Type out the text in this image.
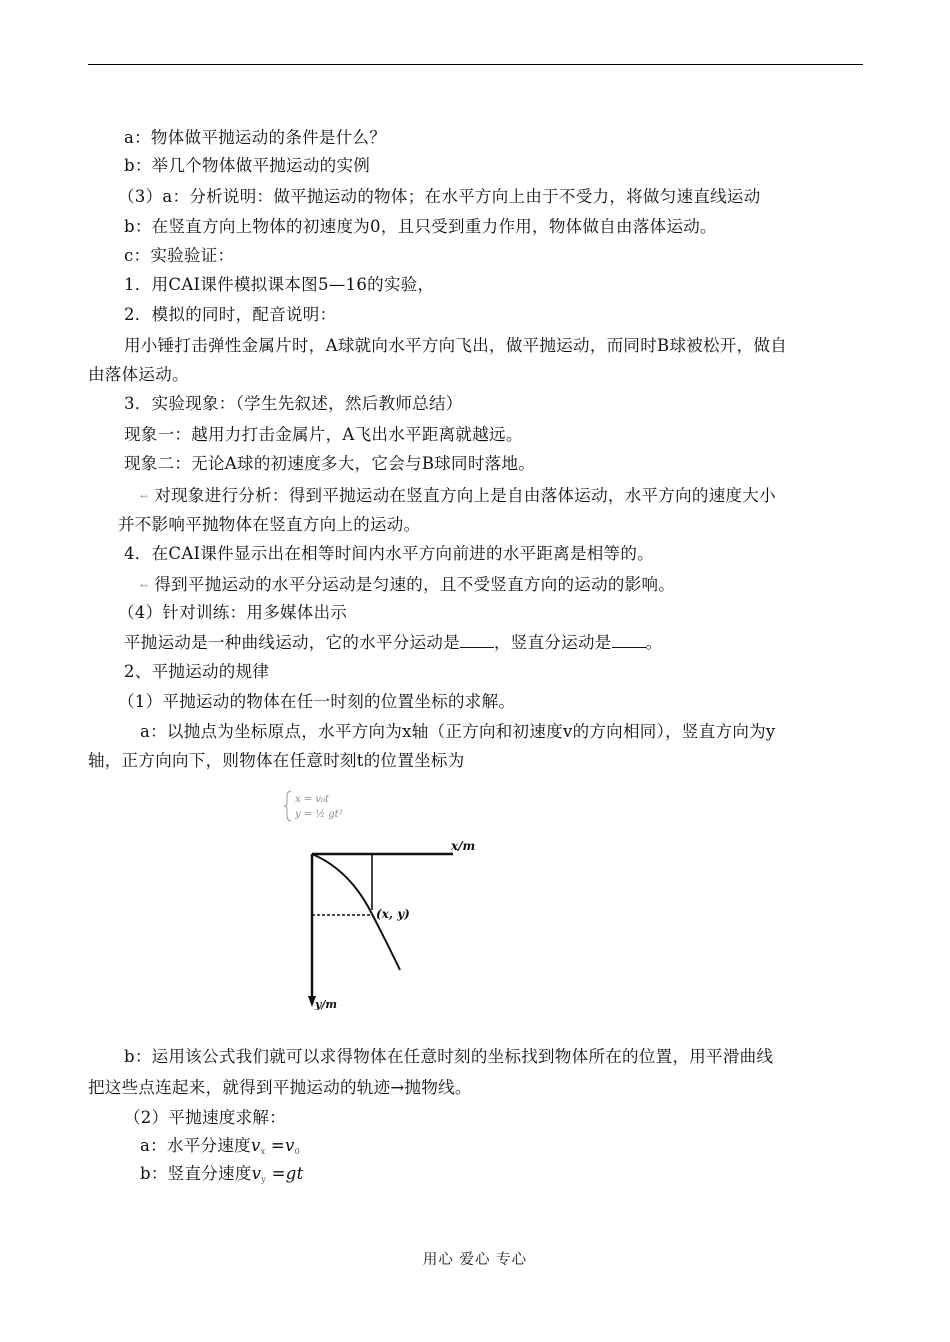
a：物体做平抛运动的条件是什么？
b：举几个物体做平抛运动的实例
（3）a：分析说明：做平抛运动的物体；在水平方向上由于不受力，将做匀速直线运动
b：在竖直方向上物体的初速度为0，且只受到重力作用，物体做自由落体运动。
c：实验验证：
1．用CAI课件模拟课本图5—16的实验，
2．模拟的同时，配音说明：
用小锤打击弹性金属片时，A球就向水平方向飞出，做平抛运动，而同时B球被松开，做自
由落体运动。
3．实验现象：（学生先叙述，然后教师总结）
现象一：越用力打击金属片，A飞出水平距离就越远。
现象二：无论A球的初速度多大，它会与B球同时落地。
⊷ 对现象进行分析：得到平抛运动在竖直方向上是自由落体运动，水平方向的速度大小
并不影响平抛物体在竖直方向上的运动。
4．在CAI课件显示出在相等时间内水平方向前进的水平距离是相等的。
⊷ 得到平抛运动的水平分运动是匀速的，且不受竖直方向的运动的影响。
（4）针对训练：用多媒体出示
平抛运动是一种曲线运动，它的水平分运动是 ，竖直分运动是 。
2、平抛运动的规律
（1）平抛运动的物体在任一时刻的位置坐标的求解。
a：以抛点为坐标原点，水平方向为x轴（正方向和初速度v的方向相同），竖直方向为y
轴，正方向向下，则物体在任意时刻t的位置坐标为
x = v₀t
y = ½ gt²
x/m
y/m
(x, y)
b：运用该公式我们就可以求得物体在任意时刻的坐标找到物体所在的位置，用平滑曲线
把这些点连起来，就得到平抛运动的轨迹→抛物线。
（2）平抛速度求解：
a：水平分速度$v_x =v_0$
b：竖直分速度$v_y =gt$
用心 爱心 专心
